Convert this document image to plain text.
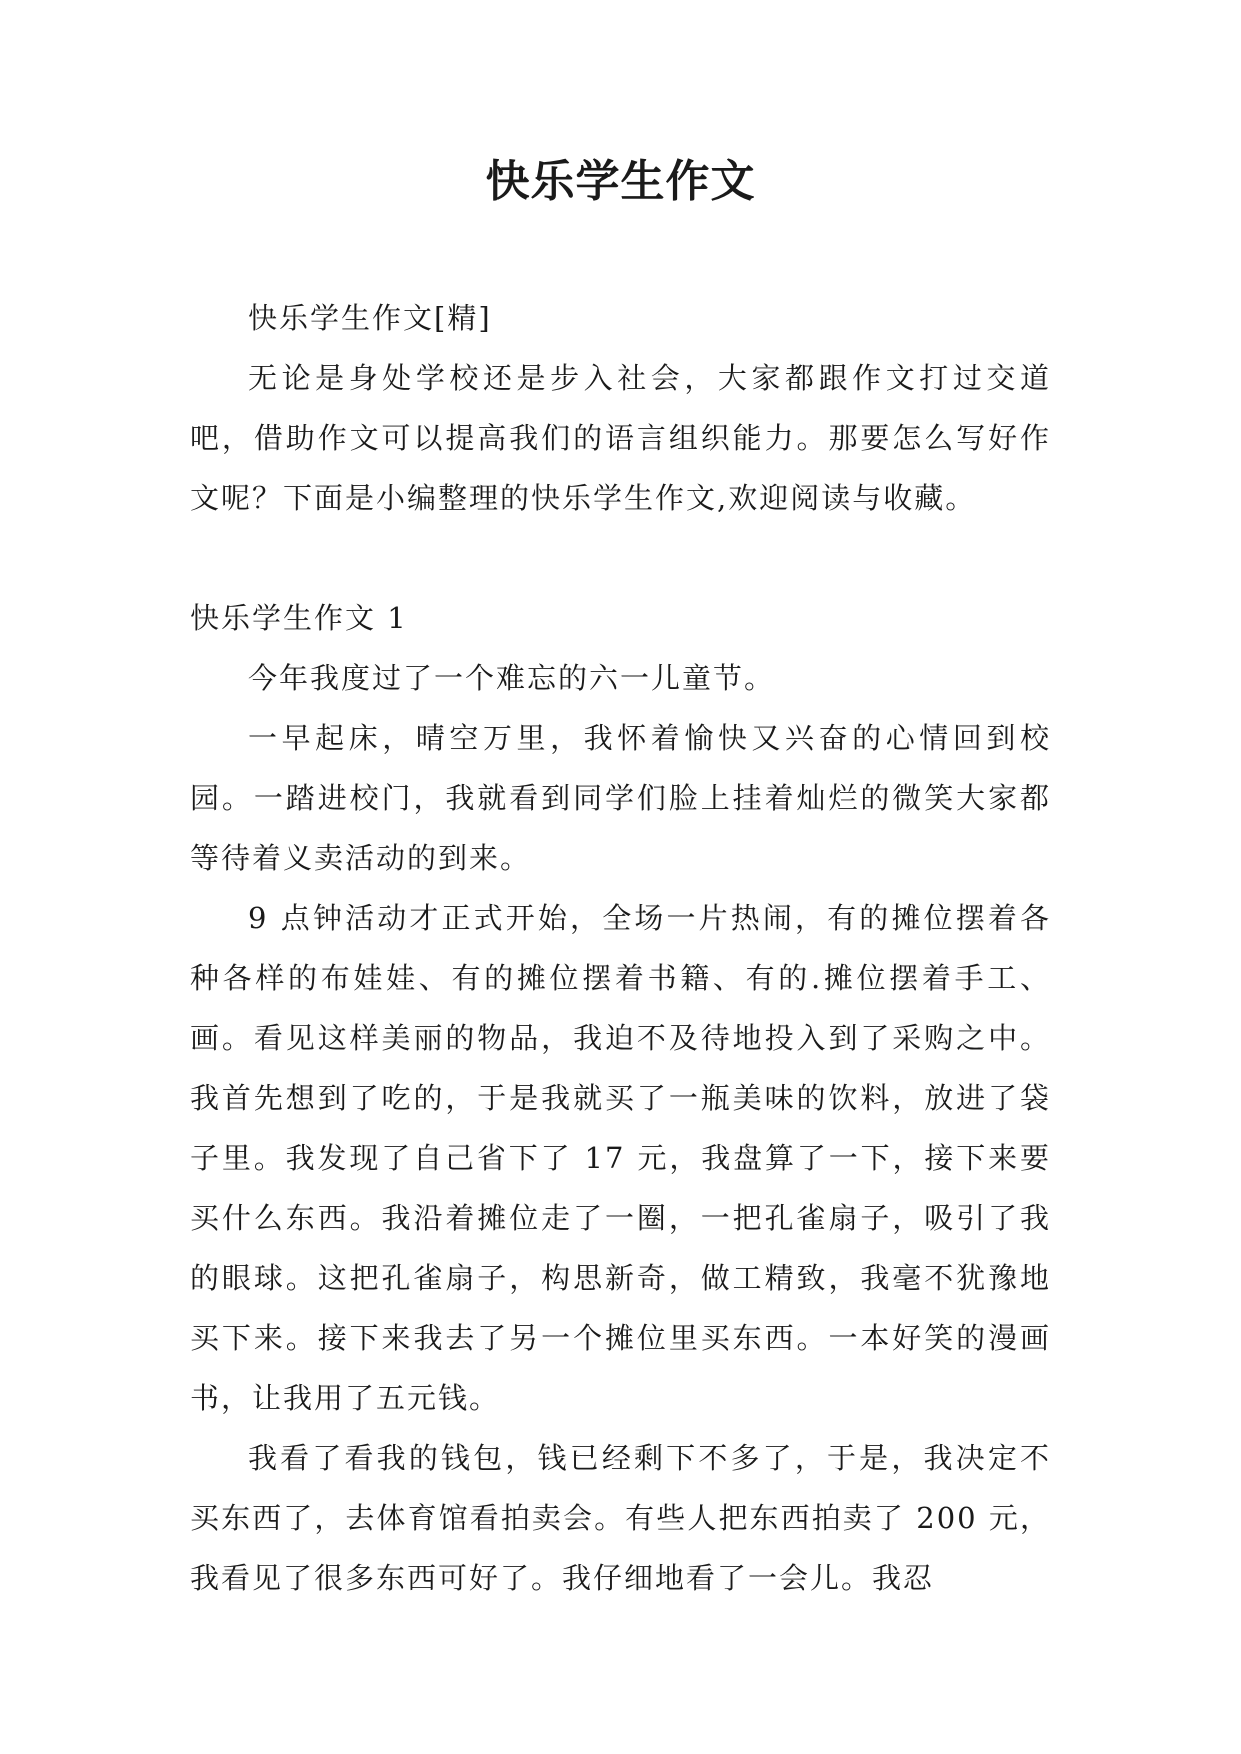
快乐学生作文

快乐学生作文[精]

无论是身处学校还是步入社会，大家都跟作文打过交道吧，借助作文可以提高我们的语言组织能力。那要怎么写好作文呢？下面是小编整理的快乐学生作文,欢迎阅读与收藏。

快乐学生作文 1

今年我度过了一个难忘的六一儿童节。

一早起床，晴空万里，我怀着愉快又兴奋的心情回到校园。一踏进校门，我就看到同学们脸上挂着灿烂的微笑大家都等待着义卖活动的到来。

9 点钟活动才正式开始，全场一片热闹，有的摊位摆着各种各样的布娃娃、有的摊位摆着书籍、有的.摊位摆着手工、画。看见这样美丽的物品，我迫不及待地投入到了采购之中。我首先想到了吃的，于是我就买了一瓶美味的饮料，放进了袋子里。我发现了自己省下了 17 元，我盘算了一下，接下来要买什么东西。我沿着摊位走了一圈，一把孔雀扇子，吸引了我的眼球。这把孔雀扇子，构思新奇，做工精致，我毫不犹豫地买下来。接下来我去了另一个摊位里买东西。一本好笑的漫画书，让我用了五元钱。

我看了看我的钱包，钱已经剩下不多了，于是，我决定不买东西了，去体育馆看拍卖会。有些人把东西拍卖了 200 元，我看见了很多东西可好了。我仔细地看了一会儿。我忍
